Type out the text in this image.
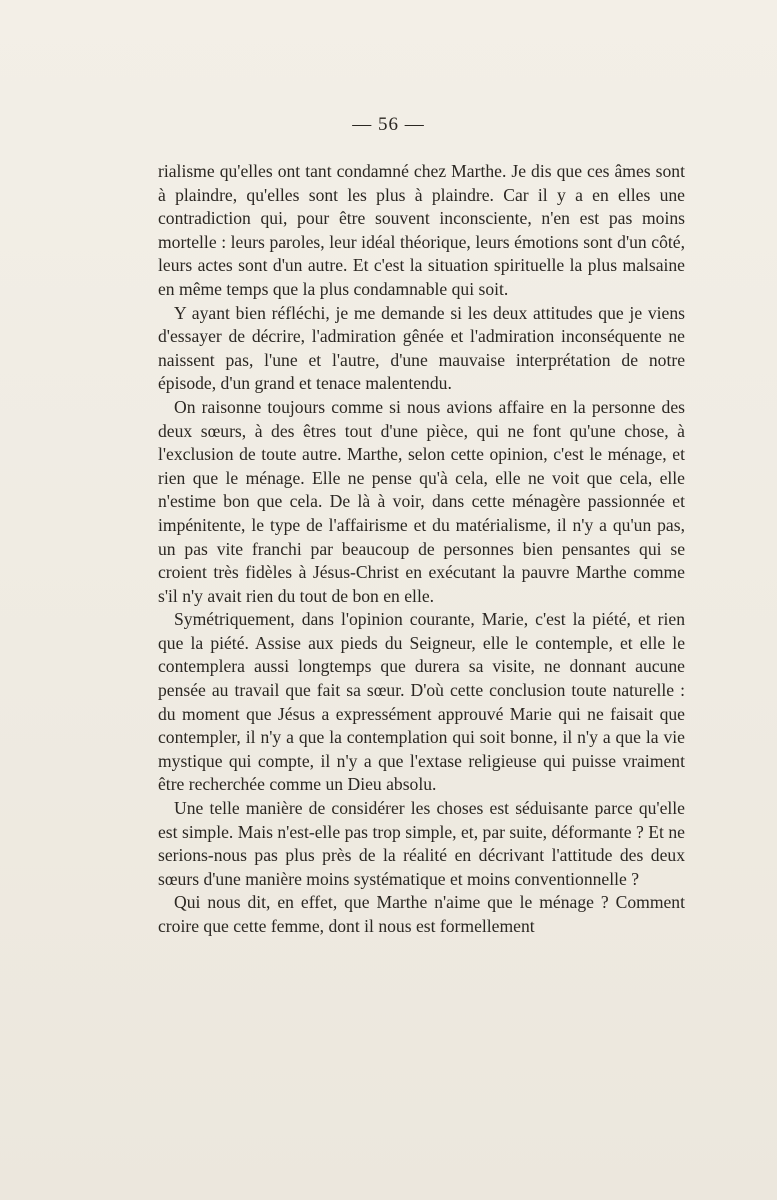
— 56 —

rialisme qu'elles ont tant condamné chez Marthe. Je dis que ces âmes sont à plaindre, qu'elles sont les plus à plaindre. Car il y a en elles une contradiction qui, pour être souvent inconsciente, n'en est pas moins mortelle : leurs paroles, leur idéal théorique, leurs émotions sont d'un côté, leurs actes sont d'un autre. Et c'est la situation spirituelle la plus malsaine en même temps que la plus condamnable qui soit.

Y ayant bien réfléchi, je me demande si les deux attitudes que je viens d'essayer de décrire, l'admiration gênée et l'admiration inconséquente ne naissent pas, l'une et l'autre, d'une mauvaise interprétation de notre épisode, d'un grand et tenace malentendu.

On raisonne toujours comme si nous avions affaire en la personne des deux sœurs, à des êtres tout d'une pièce, qui ne font qu'une chose, à l'exclusion de toute autre. Marthe, selon cette opinion, c'est le ménage, et rien que le ménage. Elle ne pense qu'à cela, elle ne voit que cela, elle n'estime bon que cela. De là à voir, dans cette ménagère passionnée et impénitente, le type de l'affairisme et du matérialisme, il n'y a qu'un pas, un pas vite franchi par beaucoup de personnes bien pensantes qui se croient très fidèles à Jésus-Christ en exécutant la pauvre Marthe comme s'il n'y avait rien du tout de bon en elle.

Symétriquement, dans l'opinion courante, Marie, c'est la piété, et rien que la piété. Assise aux pieds du Seigneur, elle le contemple, et elle le contemplera aussi longtemps que durera sa visite, ne donnant aucune pensée au travail que fait sa sœur. D'où cette conclusion toute naturelle : du moment que Jésus a expressément approuvé Marie qui ne faisait que contempler, il n'y a que la contemplation qui soit bonne, il n'y a que la vie mystique qui compte, il n'y a que l'extase religieuse qui puisse vraiment être recherchée comme un Dieu absolu.

Une telle manière de considérer les choses est séduisante parce qu'elle est simple. Mais n'est-elle pas trop simple, et, par suite, déformante ? Et ne serions-nous pas plus près de la réalité en décrivant l'attitude des deux sœurs d'une manière moins systématique et moins conventionnelle ?

Qui nous dit, en effet, que Marthe n'aime que le ménage ? Comment croire que cette femme, dont il nous est formellement
